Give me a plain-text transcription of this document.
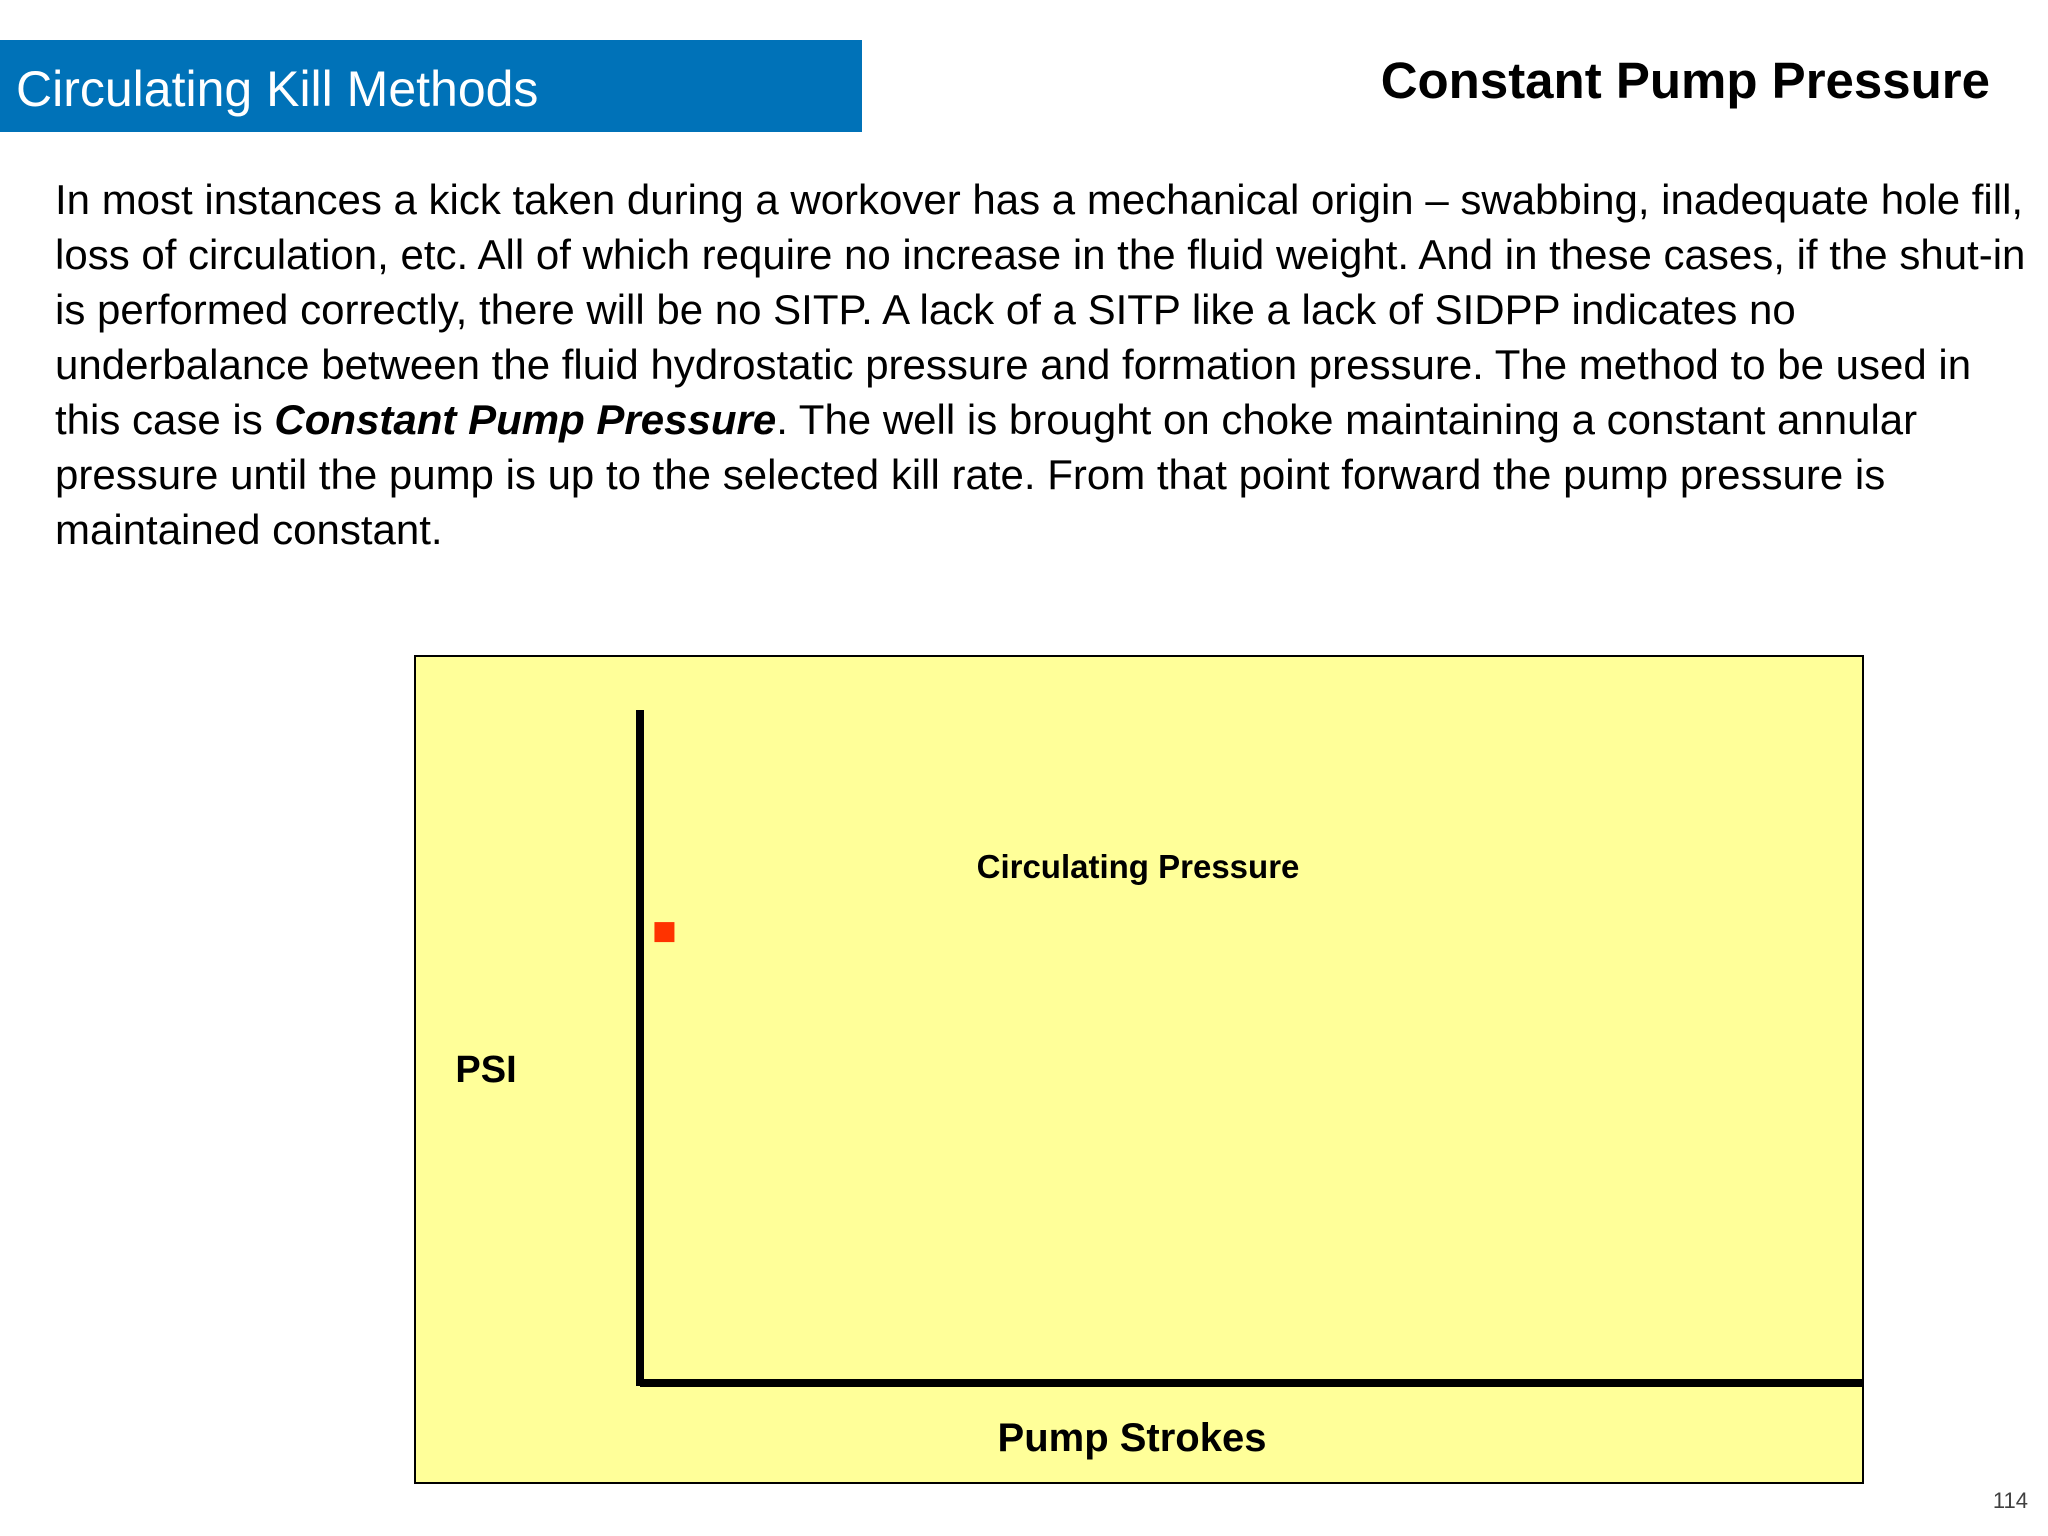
Circulating Kill Methods	Constant Pump Pressure

In most instances a kick taken during a workover has a mechanical origin – swabbing, inadequate hole fill, loss of circulation, etc. All of which require no increase in the fluid weight. And in these cases, if the shut-in is performed correctly, there will be no SITP. A lack of a SITP like a lack of SIDPP indicates no underbalance between the fluid hydrostatic pressure and formation pressure. The method to be used in this case is Constant Pump Pressure. The well is brought on choke maintaining a constant annular pressure until the pump is up to the selected kill rate. From that point forward the pump pressure is maintained constant.

Circulating Pressure
PSI
Pump Strokes
114
